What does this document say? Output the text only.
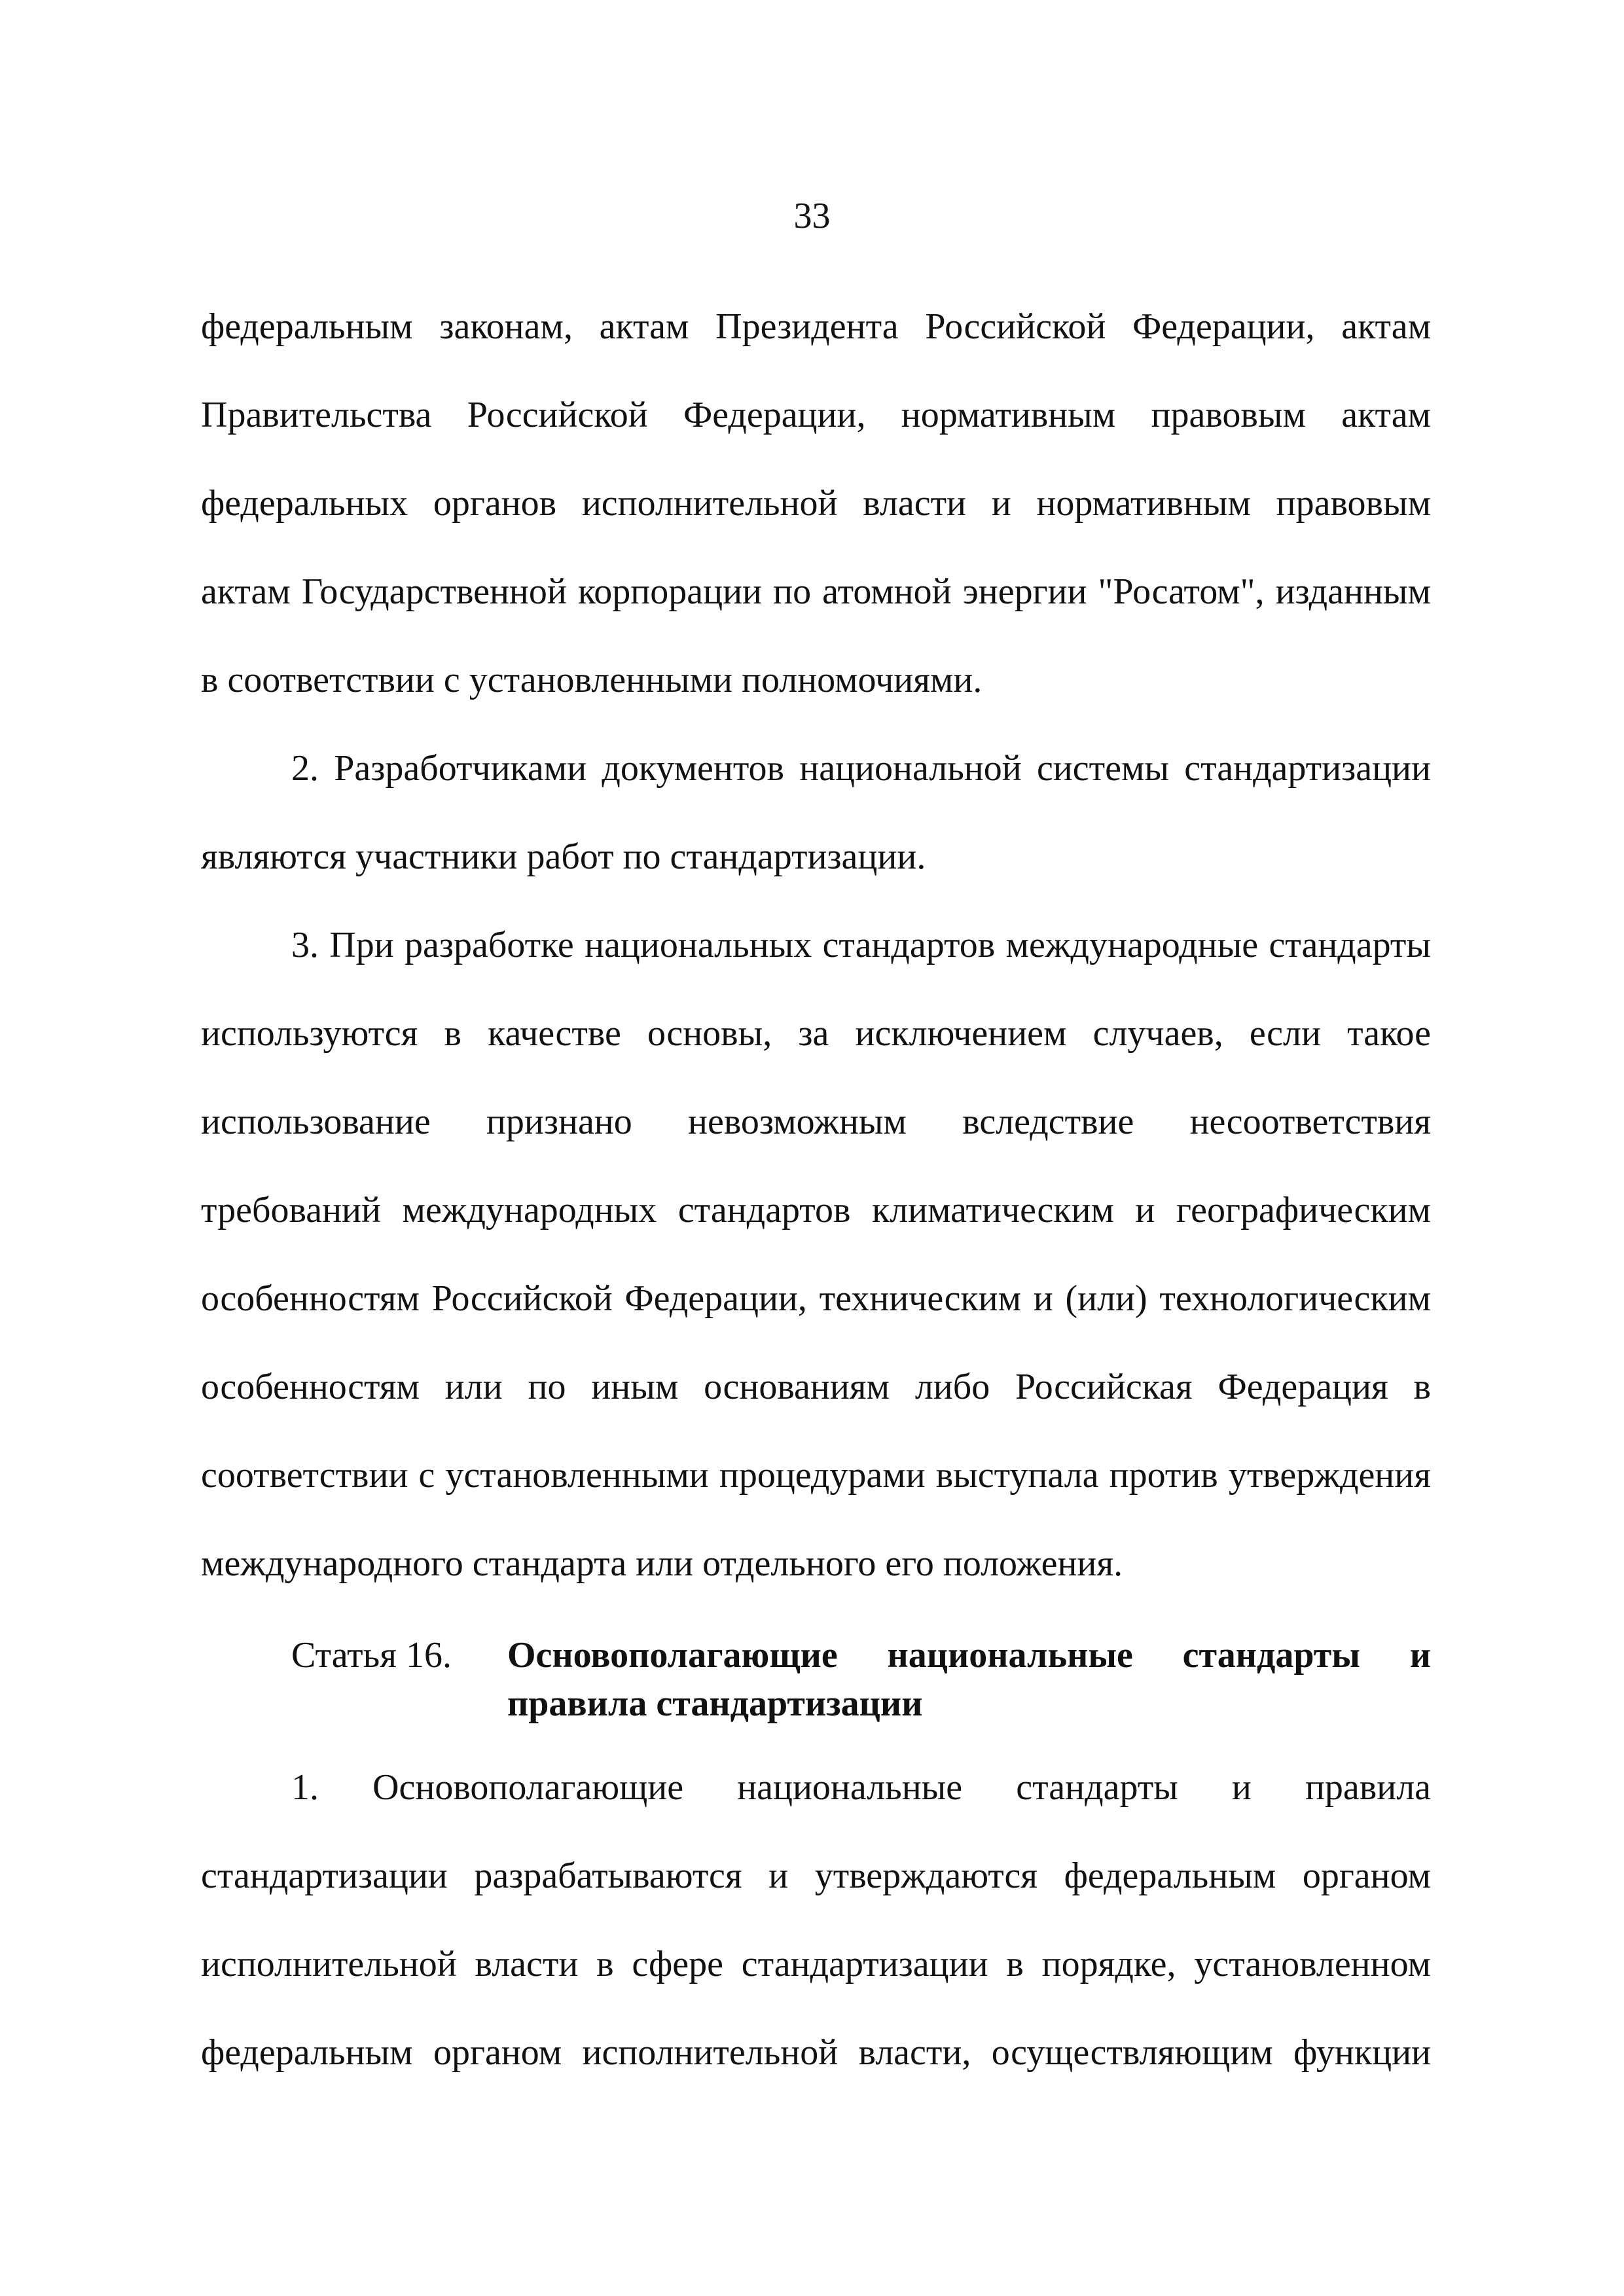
33

федеральным законам, актам Президента Российской Федерации, актам Правительства Российской Федерации, нормативным правовым актам федеральных органов исполнительной власти и нормативным правовым актам Государственной корпорации по атомной энергии "Росатом", изданным в соответствии с установленными полномочиями.

2. Разработчиками документов национальной системы стандартизации являются участники работ по стандартизации.

3. При разработке национальных стандартов международные стандарты используются в качестве основы, за исключением случаев, если такое использование признано невозможным вследствие несоответствия требований международных стандартов климатическим и географическим особенностям Российской Федерации, техническим и (или) технологическим особенностям или по иным основаниям либо Российская Федерация в соответствии с установленными процедурами выступала против утверждения международного стандарта или отдельного его положения.

Статья 16.	Основополагающие национальные стандарты и правила стандартизации

1. Основополагающие национальные стандарты и правила стандартизации разрабатываются и утверждаются федеральным органом исполнительной власти в сфере стандартизации в порядке, установленном федеральным органом исполнительной власти, осуществляющим функции
